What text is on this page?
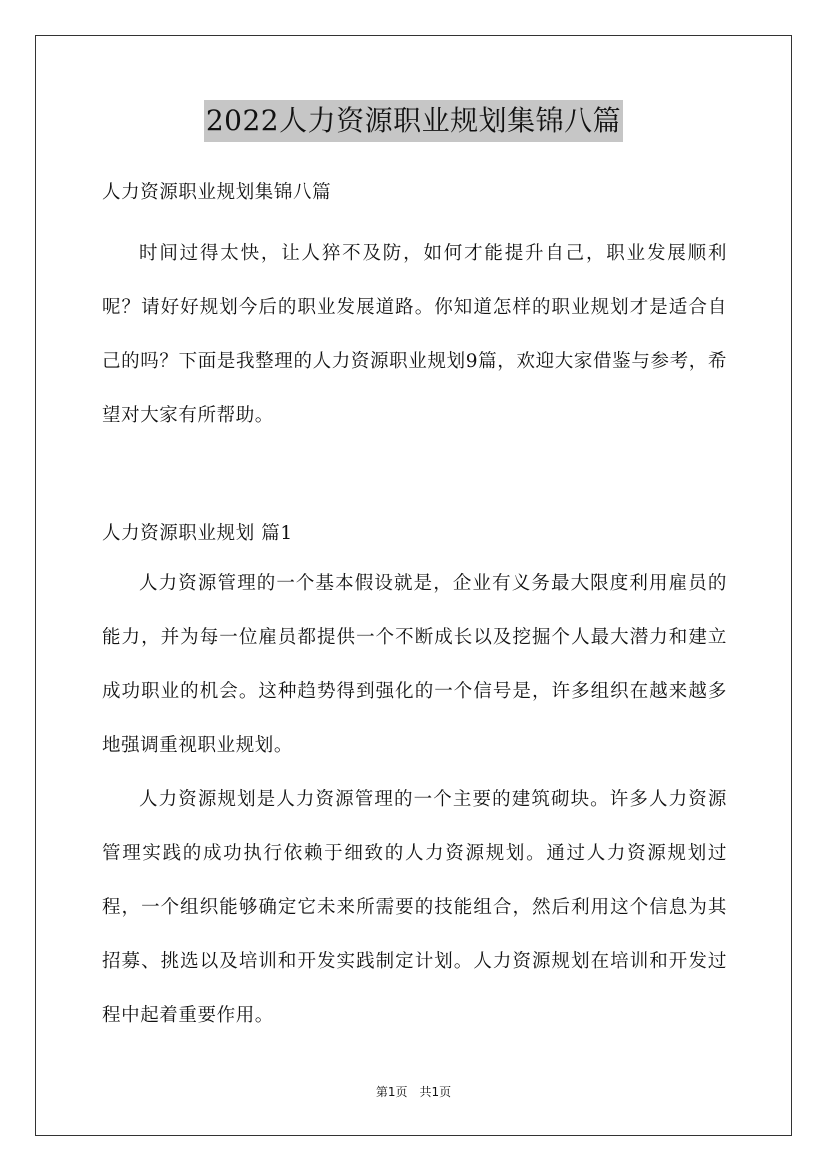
2022人力资源职业规划集锦八篇

人力资源职业规划集锦八篇

时间过得太快，让人猝不及防，如何才能提升自己，职业发展顺利呢？请好好规划今后的职业发展道路。你知道怎样的职业规划才是适合自己的吗？下面是我整理的人力资源职业规划9篇，欢迎大家借鉴与参考，希望对大家有所帮助。

人力资源职业规划 篇1

人力资源管理的一个基本假设就是，企业有义务最大限度利用雇员的能力，并为每一位雇员都提供一个不断成长以及挖掘个人最大潜力和建立成功职业的机会。这种趋势得到强化的一个信号是，许多组织在越来越多地强调重视职业规划。

人力资源规划是人力资源管理的一个主要的建筑砌块。许多人力资源管理实践的成功执行依赖于细致的人力资源规划。通过人力资源规划过程，一个组织能够确定它未来所需要的技能组合，然后利用这个信息为其招募、挑选以及培训和开发实践制定计划。人力资源规划在培训和开发过程中起着重要作用。

第1页 共1页
